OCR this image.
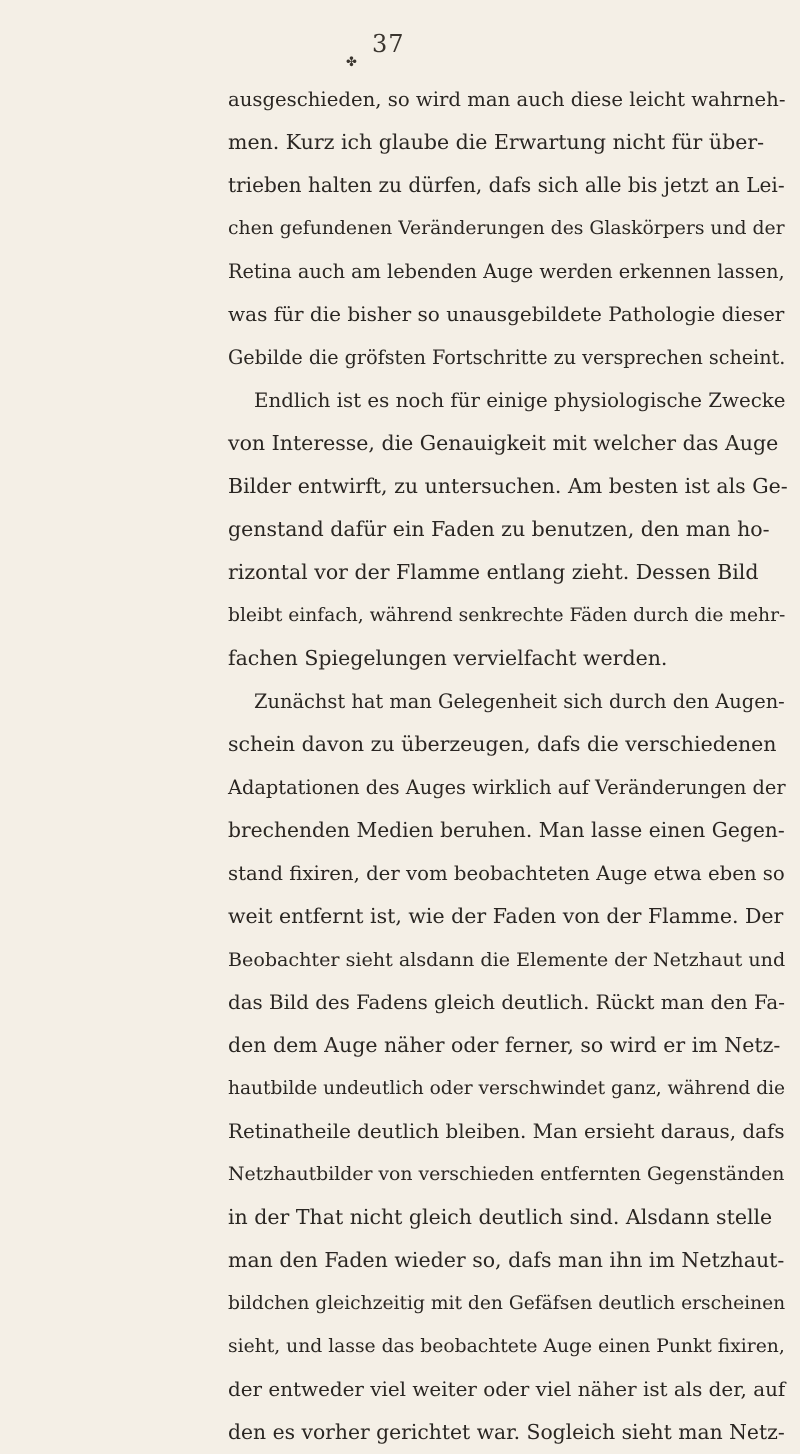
✤
37
ausgeschieden, so wird man auch diese leicht wahrneh-
men. Kurz ich glaube die Erwartung nicht für über-
trieben halten zu dürfen, dafs sich alle bis jetzt an Lei-
chen gefundenen Veränderungen des Glaskörpers und der
Retina auch am lebenden Auge werden erkennen lassen,
was für die bisher so unausgebildete Pathologie dieser
Gebilde die gröfsten Fortschritte zu versprechen scheint.
Endlich ist es noch für einige physiologische Zwecke
von Interesse, die Genauigkeit mit welcher das Auge
Bilder entwirft, zu untersuchen. Am besten ist als Ge-
genstand dafür ein Faden zu benutzen, den man ho-
rizontal vor der Flamme entlang zieht. Dessen Bild
bleibt einfach, während senkrechte Fäden durch die mehr-
fachen Spiegelungen vervielfacht werden.
Zunächst hat man Gelegenheit sich durch den Augen-
schein davon zu überzeugen, dafs die verschiedenen
Adaptationen des Auges wirklich auf Veränderungen der
brechenden Medien beruhen. Man lasse einen Gegen-
stand fixiren, der vom beobachteten Auge etwa eben so
weit entfernt ist, wie der Faden von der Flamme. Der
Beobachter sieht alsdann die Elemente der Netzhaut und
das Bild des Fadens gleich deutlich. Rückt man den Fa-
den dem Auge näher oder ferner, so wird er im Netz-
hautbilde undeutlich oder verschwindet ganz, während die
Retinatheile deutlich bleiben. Man ersieht daraus, dafs
Netzhautbilder von verschieden entfernten Gegenständen
in der That nicht gleich deutlich sind. Alsdann stelle
man den Faden wieder so, dafs man ihn im Netzhaut-
bildchen gleichzeitig mit den Gefäfsen deutlich erscheinen
sieht, und lasse das beobachtete Auge einen Punkt fixiren,
der entweder viel weiter oder viel näher ist als der, auf
den es vorher gerichtet war. Sogleich sieht man Netz-
